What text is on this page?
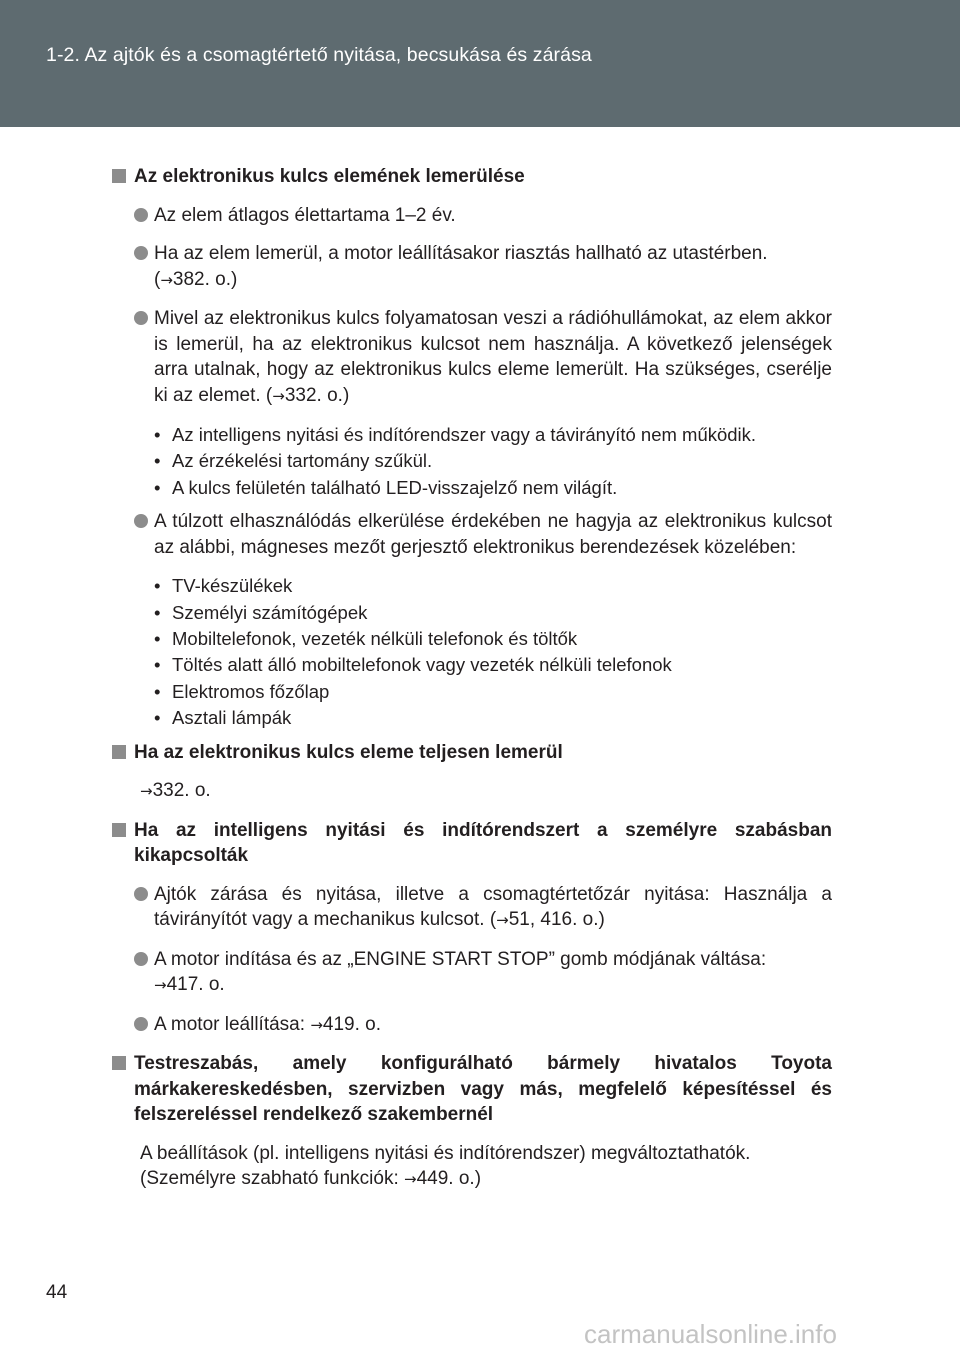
1-2. Az ajtók és a csomagtértető nyitása, becsukása és zárása
Az elektronikus kulcs elemének lemerülése
Az elem átlagos élettartama 1–2 év.
Ha az elem lemerül, a motor leállításakor riasztás hallható az utastérben.
(→382. o.)
Mivel az elektronikus kulcs folyamatosan veszi a rádióhullámokat, az elem akkor is lemerül, ha az elektronikus kulcsot nem használja. A következő jelenségek arra utalnak, hogy az elektronikus kulcs eleme lemerült. Ha szükséges, cserélje ki az elemet. (→332. o.)
• Az intelligens nyitási és indítórendszer vagy a távirányító nem működik.
• Az érzékelési tartomány szűkül.
• A kulcs felületén található LED-visszajelző nem világít.
A túlzott elhasználódás elkerülése érdekében ne hagyja az elektronikus kulcsot az alábbi, mágneses mezőt gerjesztő elektronikus berendezések közelében:
• TV-készülékek
• Személyi számítógépek
• Mobiltelefonok, vezeték nélküli telefonok és töltők
• Töltés alatt álló mobiltelefonok vagy vezeték nélküli telefonok
• Elektromos főzőlap
• Asztali lámpák
Ha az elektronikus kulcs eleme teljesen lemerül
→332. o.
Ha az intelligens nyitási és indítórendszert a személyre szabásban kikapcsolták
Ajtók zárása és nyitása, illetve a csomagtértetőzár nyitása: Használja a távirányítót vagy a mechanikus kulcsot. (→51, 416. o.)
A motor indítása és az „ENGINE START STOP” gomb módjának váltása:
→417. o.
A motor leállítása: →419. o.
Testreszabás, amely konfigurálható bármely hivatalos Toyota márkakereskedésben, szervizben vagy más, megfelelő képesítéssel és felszereléssel rendelkező szakembernél
A beállítások (pl. intelligens nyitási és indítórendszer) megváltoztathatók.
(Személyre szabható funkciók: →449. o.)
44
carmanualsonline.info
